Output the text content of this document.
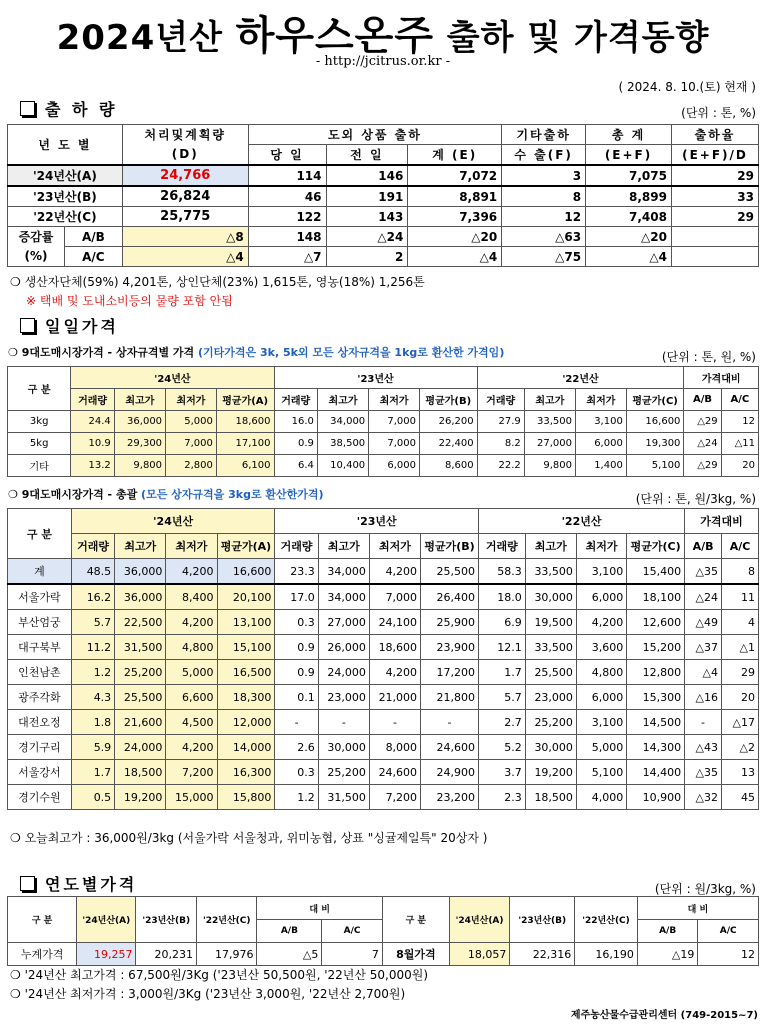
2024년산 하우스온주 출하 및 가격동향
- http://jcitrus.or.kr -
( 2024. 8. 10.(토) 현재 )
출 하 량	(단위 : 톤, %)
년 도 별		처리및계획량	도외 상품 출하			기타출하	총 계	출하율
		(D)	당 일	전 일	계 (E)	수 출(F)	(E+F)	(E+F)/D
'24년산(A)		24,766	114	146	7,072	3	7,075	29
'23년산(B)		26,824	46	191	8,891	8	8,899	33
'22년산(C)		25,775	122	143	7,396	12	7,408	29
증감률	A/B	△8	148	△24	△20	△63	△20	
(%)	A/C	△4	△7	2	△4	△75	△4	
❍ 생산자단체(59%) 4,201톤, 상인단체(23%) 1,615톤, 영농(18%) 1,256톤
※ 택배 및 도내소비등의 물량 포함 안됨
일일가격
❍ 9대도매시장가격 - 상자규격별 가격 (기타가격은 3k, 5k외 모든 상자규격을 1kg로 환산한 가격임)	(단위 : 톤, 원, %)
구 분	'24년산				'23년산				'22년산				가격대비	
	거래량	최고가	최저가	평균가(A)	거래량	최고가	최저가	평균가(B)	거래량	최고가	최저가	평균가(C)	A/B	A/C
3kg	24.4	36,000	5,000	18,600	16.0	34,000	7,000	26,200	27.9	33,500	3,100	16,600	△29	12
5kg	10.9	29,300	7,000	17,100	0.9	38,500	7,000	22,400	8.2	27,000	6,000	19,300	△24	△11
기타	13.2	9,800	2,800	6,100	6.4	10,400	6,000	8,600	22.2	9,800	1,400	5,100	△29	20
❍ 9대도매시장가격 - 총괄 (모든 상자규격을 3kg로 환산한가격)	(단위 : 톤, 원/3kg, %)
구 분	'24년산				'23년산				'22년산				가격대비	
	거래량	최고가	최저가	평균가(A)	거래량	최고가	최저가	평균가(B)	거래량	최고가	최저가	평균가(C)	A/B	A/C
계	48.5	36,000	4,200	16,600	23.3	34,000	4,200	25,500	58.3	33,500	3,100	15,400	△35	8
서울가락	16.2	36,000	8,400	20,100	17.0	34,000	7,000	26,400	18.0	30,000	6,000	18,100	△24	11
부산엄궁	5.7	22,500	4,200	13,100	0.3	27,000	24,100	25,900	6.9	19,500	4,200	12,600	△49	4
대구북부	11.2	31,500	4,800	15,100	0.9	26,000	18,600	23,900	12.1	33,500	3,600	15,200	△37	△1
인천남촌	1.2	25,200	5,000	16,500	0.9	24,000	4,200	17,200	1.7	25,500	4,800	12,800	△4	29
광주각화	4.3	25,500	6,600	18,300	0.1	23,000	21,000	21,800	5.7	23,000	6,000	15,300	△16	20
대전오정	1.8	21,600	4,500	12,000	-	-	-	-	2.7	25,200	3,100	14,500	-	△17
경기구리	5.9	24,000	4,200	14,000	2.6	30,000	8,000	24,600	5.2	30,000	5,000	14,300	△43	△2
서울강서	1.7	18,500	7,200	16,300	0.3	25,200	24,600	24,900	3.7	19,200	5,100	14,400	△35	13
경기수원	0.5	19,200	15,000	15,800	1.2	31,500	7,200	23,200	2.3	18,500	4,000	10,900	△32	45
❍ 오늘최고가 : 36,000원/3kg (서울가락 서울청과, 위미농협, 상표 "싱귤제일특" 20상자 )
연도별가격	(단위 : 원/3kg, %)
구 분	'24년산(A)	'23년산(B)	'22년산(C)	대 비		구 분	'24년산(A)	'23년산(B)	'22년산(C)	대 비	
				A/B	A/C					A/B	A/C
누계가격	19,257	20,231	17,976	△5	7	8월가격	18,057	22,316	16,190	△19	12
❍ '24년산 최고가격 : 67,500원/3Kg ('23년산 50,500원, '22년산 50,000원)
❍ '24년산 최저가격 : 3,000원/3Kg ('23년산 3,000원, '22년산 2,700원)
제주농산물수급관리센터 (749-2015~7)
